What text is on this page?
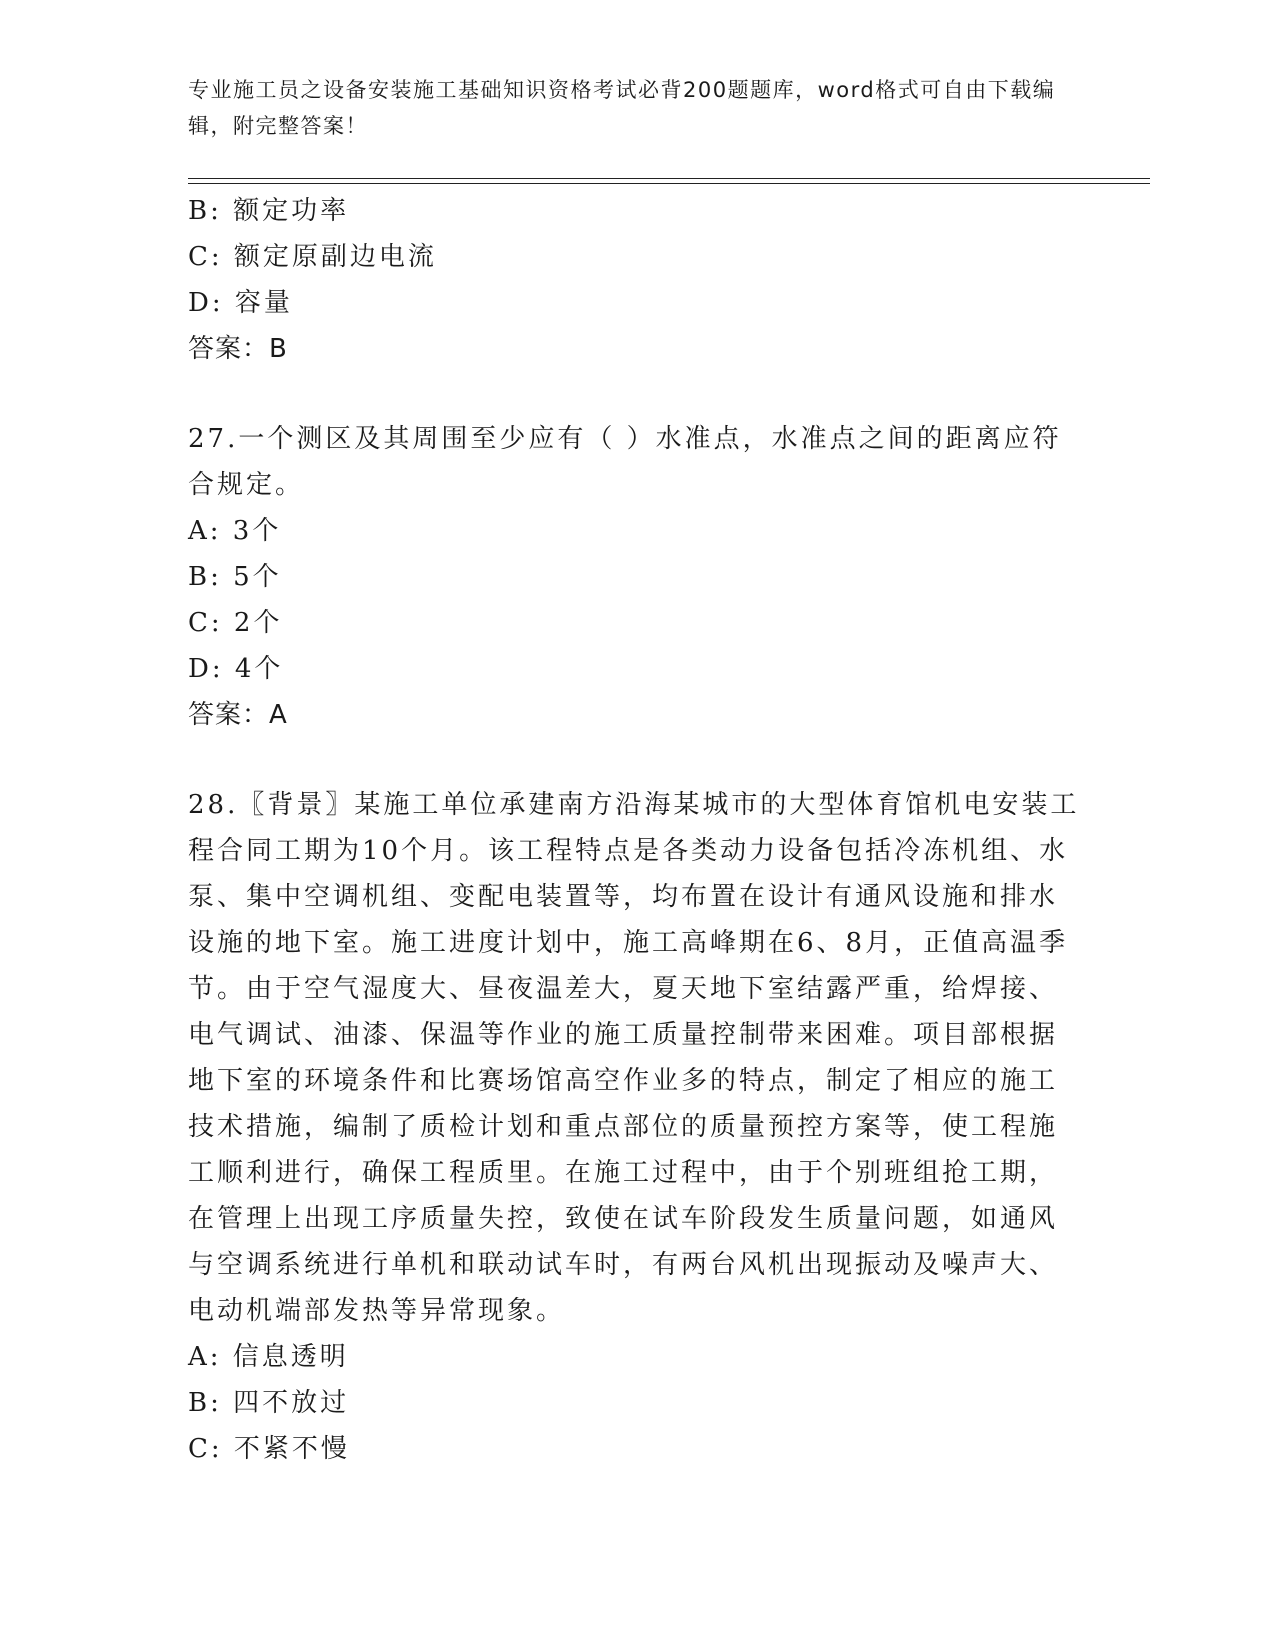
专业施工员之设备安装施工基础知识资格考试必背200题题库，word格式可自由下载编辑，附完整答案！
B: 额定功率
C: 额定原副边电流
D: 容量
答案：B
27.一个测区及其周围至少应有（ ）水准点，水准点之间的距离应符
合规定。
A: 3个
B: 5个
C: 2个
D: 4个
答案：A
28.〖背景〗某施工单位承建南方沿海某城市的大型体育馆机电安装工
程合同工期为10个月。该工程特点是各类动力设备包括冷冻机组、水
泵、集中空调机组、变配电装置等，均布置在设计有通风设施和排水
设施的地下室。施工进度计划中，施工高峰期在6、8月，正值高温季
节。由于空气湿度大、昼夜温差大，夏天地下室结露严重，给焊接、
电气调试、油漆、保温等作业的施工质量控制带来困难。项目部根据
地下室的环境条件和比赛场馆高空作业多的特点，制定了相应的施工
技术措施，编制了质检计划和重点部位的质量预控方案等，使工程施
工顺利进行，确保工程质里。在施工过程中，由于个别班组抢工期，
在管理上出现工序质量失控，致使在试车阶段发生质量问题，如通风
与空调系统进行单机和联动试车时，有两台风机出现振动及噪声大、
电动机端部发热等异常现象。
A: 信息透明
B: 四不放过
C: 不紧不慢
